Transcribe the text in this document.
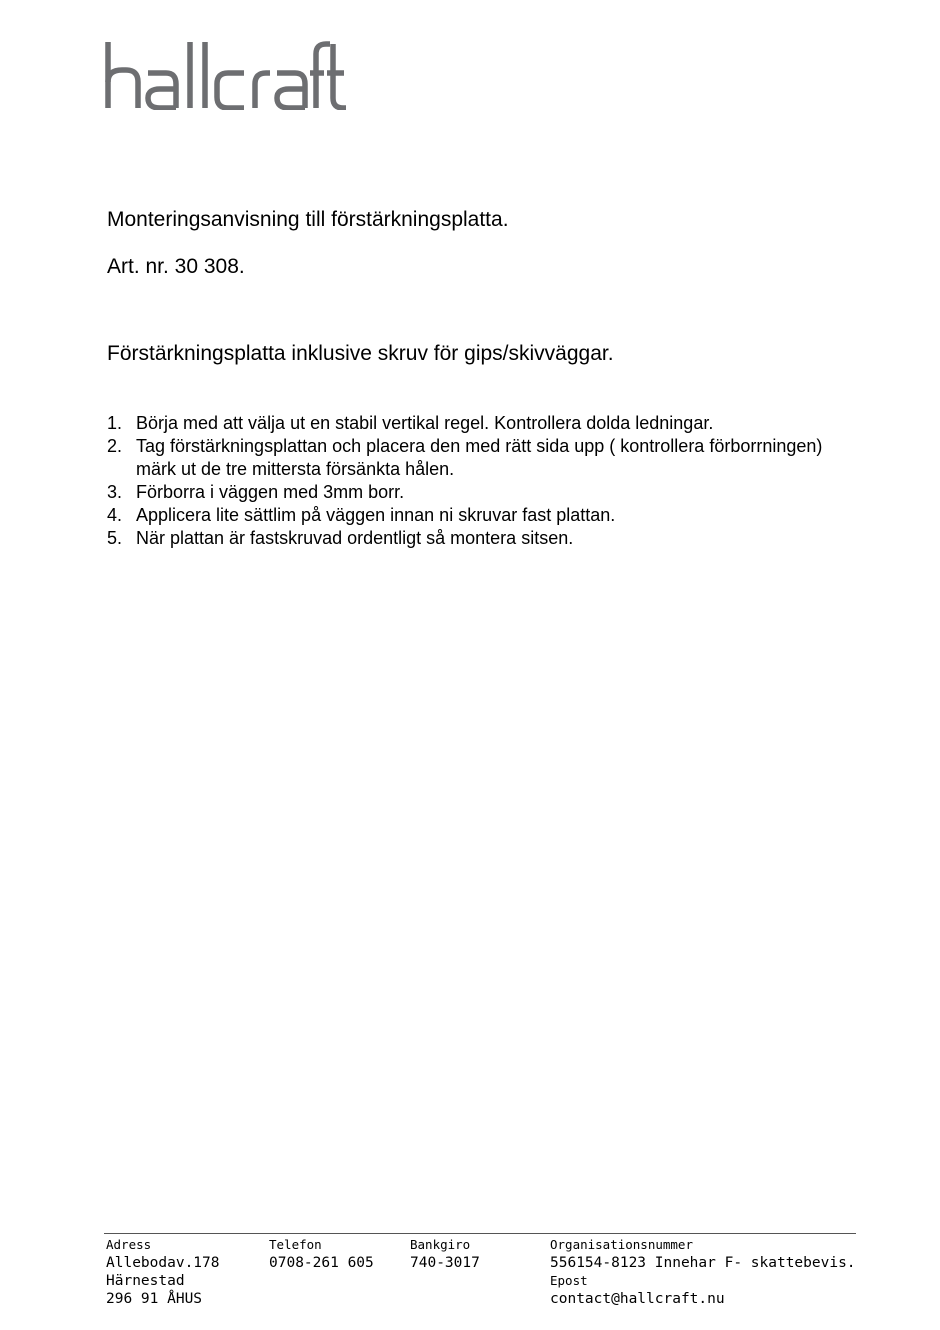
Monteringsanvisning till förstärkningsplatta.
Art. nr. 30 308.
Förstärkningsplatta inklusive skruv för gips/skivväggar.
1. Börja med att välja ut en stabil vertikal regel. Kontrollera dolda ledningar.
2. Tag förstärkningsplattan och placera den med rätt sida upp ( kontrollera förborrningen) märk ut de tre mittersta försänkta hålen.
3. Förborra i väggen med 3mm borr.
4. Applicera lite sättlim på väggen innan ni skruvar fast plattan.
5. När plattan är fastskruvad ordentligt så montera sitsen.
Adress
Allebodav.178
Härnestad
296 91 ÅHUS
Telefon
0708-261 605
Bankgiro
740-3017
Organisationsnummer
556154-8123 Innehar F- skattebevis.
Epost
contact@hallcraft.nu
